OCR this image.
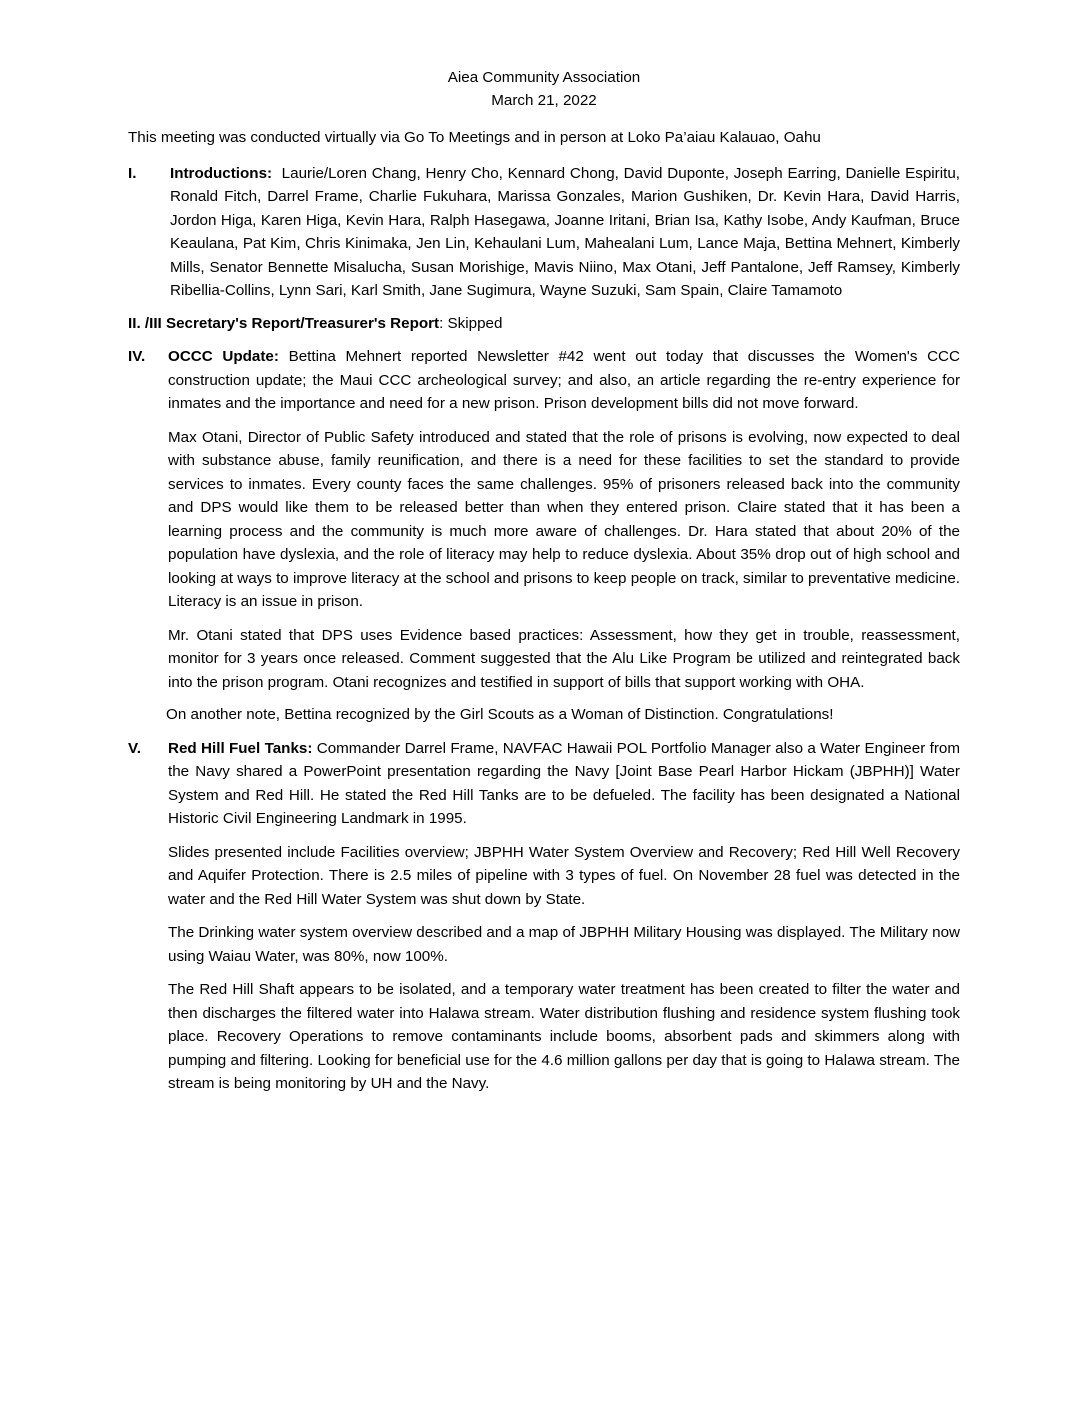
Aiea Community Association
March 21, 2022

This meeting was conducted virtually via Go To Meetings and in person at Loko Pa’aiau Kalauao, Oahu

I.	Introductions: Laurie/Loren Chang, Henry Cho, Kennard Chong, David Duponte, Joseph Earring, Danielle Espiritu, Ronald Fitch, Darrel Frame, Charlie Fukuhara, Marissa Gonzales, Marion Gushiken, Dr. Kevin Hara, David Harris, Jordon Higa, Karen Higa, Kevin Hara, Ralph Hasegawa, Joanne Iritani, Brian Isa, Kathy Isobe, Andy Kaufman, Bruce Keaulana, Pat Kim, Chris Kinimaka, Jen Lin, Kehaulani Lum, Mahealani Lum, Lance Maja, Bettina Mehnert, Kimberly Mills, Senator Bennette Misalucha, Susan Morishige, Mavis Niino, Max Otani, Jeff Pantalone, Jeff Ramsey, Kimberly Ribellia-Collins, Lynn Sari, Karl Smith, Jane Sugimura, Wayne Suzuki, Sam Spain, Claire Tamamoto

II. /III Secretary's Report/Treasurer's Report: Skipped
IV.	OCCC Update: Bettina Mehnert reported Newsletter #42 went out today that discusses the Women's CCC construction update; the Maui CCC archeological survey; and also, an article regarding the re-entry experience for inmates and the importance and need for a new prison. Prison development bills did not move forward.

Max Otani, Director of Public Safety introduced and stated that the role of prisons is evolving, now expected to deal with substance abuse, family reunification, and there is a need for these facilities to set the standard to provide services to inmates. Every county faces the same challenges. 95% of prisoners released back into the community and DPS would like them to be released better than when they entered prison. Claire stated that it has been a learning process and the community is much more aware of challenges. Dr. Hara stated that about 20% of the population have dyslexia, and the role of literacy may help to reduce dyslexia. About 35% drop out of high school and looking at ways to improve literacy at the school and prisons to keep people on track, similar to preventative medicine. Literacy is an issue in prison.

Mr. Otani stated that DPS uses Evidence based practices: Assessment, how they get in trouble, reassessment, monitor for 3 years once released. Comment suggested that the Alu Like Program be utilized and reintegrated back into the prison program. Otani recognizes and testified in support of bills that support working with OHA.

On another note, Bettina recognized by the Girl Scouts as a Woman of Distinction. Congratulations!

V.	Red Hill Fuel Tanks: Commander Darrel Frame, NAVFAC Hawaii POL Portfolio Manager also a Water Engineer from the Navy shared a PowerPoint presentation regarding the Navy [Joint Base Pearl Harbor Hickam (JBPHH)] Water System and Red Hill. He stated the Red Hill Tanks are to be defueled. The facility has been designated a National Historic Civil Engineering Landmark in 1995.

Slides presented include Facilities overview; JBPHH Water System Overview and Recovery; Red Hill Well Recovery and Aquifer Protection. There is 2.5 miles of pipeline with 3 types of fuel. On November 28 fuel was detected in the water and the Red Hill Water System was shut down by State.

The Drinking water system overview described and a map of JBPHH Military Housing was displayed. The Military now using Waiau Water, was 80%, now 100%.

The Red Hill Shaft appears to be isolated, and a temporary water treatment has been created to filter the water and then discharges the filtered water into Halawa stream. Water distribution flushing and residence system flushing took place. Recovery Operations to remove contaminants include booms, absorbent pads and skimmers along with pumping and filtering. Looking for beneficial use for the 4.6 million gallons per day that is going to Halawa stream. The stream is being monitoring by UH and the Navy.
